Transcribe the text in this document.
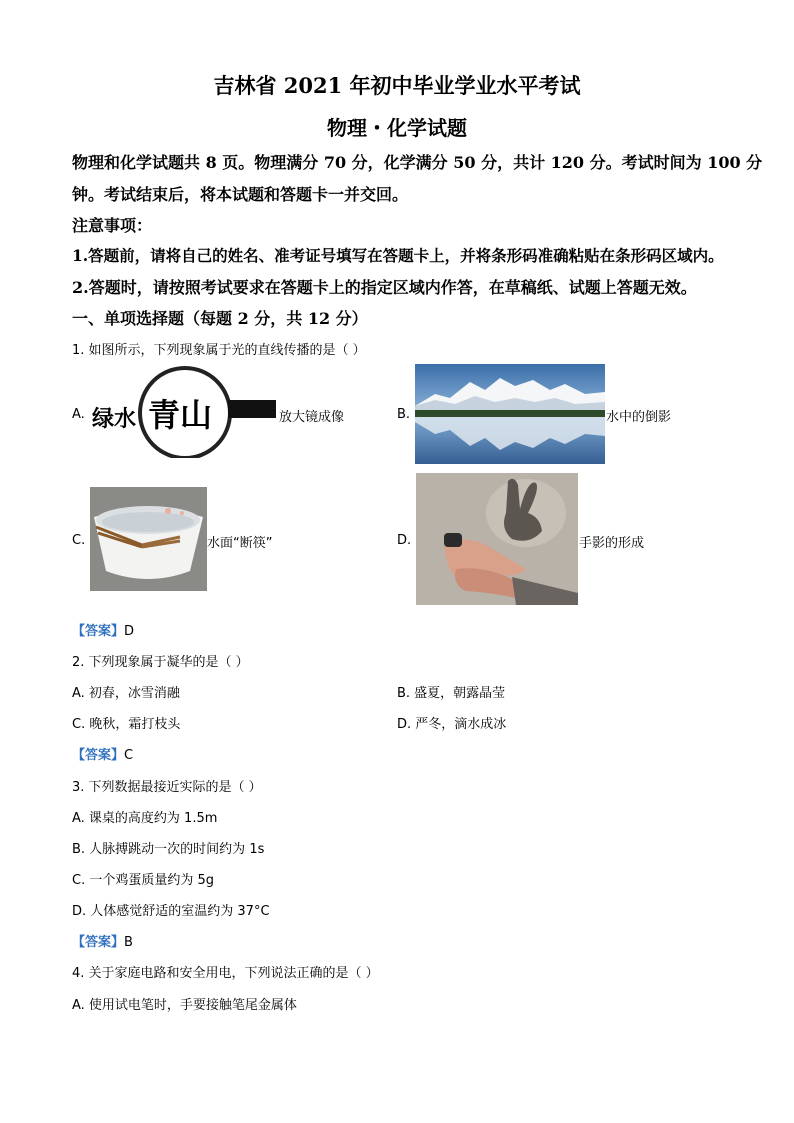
吉林省 2021 年初中毕业学业水平考试
物理・化学试题
物理和化学试题共 8 页。物理满分 70 分，化学满分 50 分，共计 120 分。考试时间为 100 分
钟。考试结束后，将本试题和答题卡一并交回。
注意事项：
1.答题前，请将自己的姓名、准考证号填写在答题卡上，并将条形码准确粘贴在条形码区域内。
2.答题时，请按照考试要求在答题卡上的指定区域内作答，在草稿纸、试题上答题无效。
一、单项选择题（每题 2 分，共 12 分）
1. 如图所示，下列现象属于光的直线传播的是（ ）
A. 绿水 青山	放大镜成像	B.	水中的倒影
C.	水面“断筷”	D.	手影的形成
【答案】D
2. 下列现象属于凝华的是（ ）
A. 初春，冰雪消融	B. 盛夏，朝露晶莹
C. 晚秋，霜打枝头	D. 严冬，滴水成冰
【答案】C
3. 下列数据最接近实际的是（ ）
A. 课桌的高度约为 1.5m
B. 人脉搏跳动一次的时间约为 1s
C. 一个鸡蛋质量约为 5g
D. 人体感觉舒适的室温约为 37°C
【答案】B
4. 关于家庭电路和安全用电，下列说法正确的是（ ）
A. 使用试电笔时，手要接触笔尾金属体
